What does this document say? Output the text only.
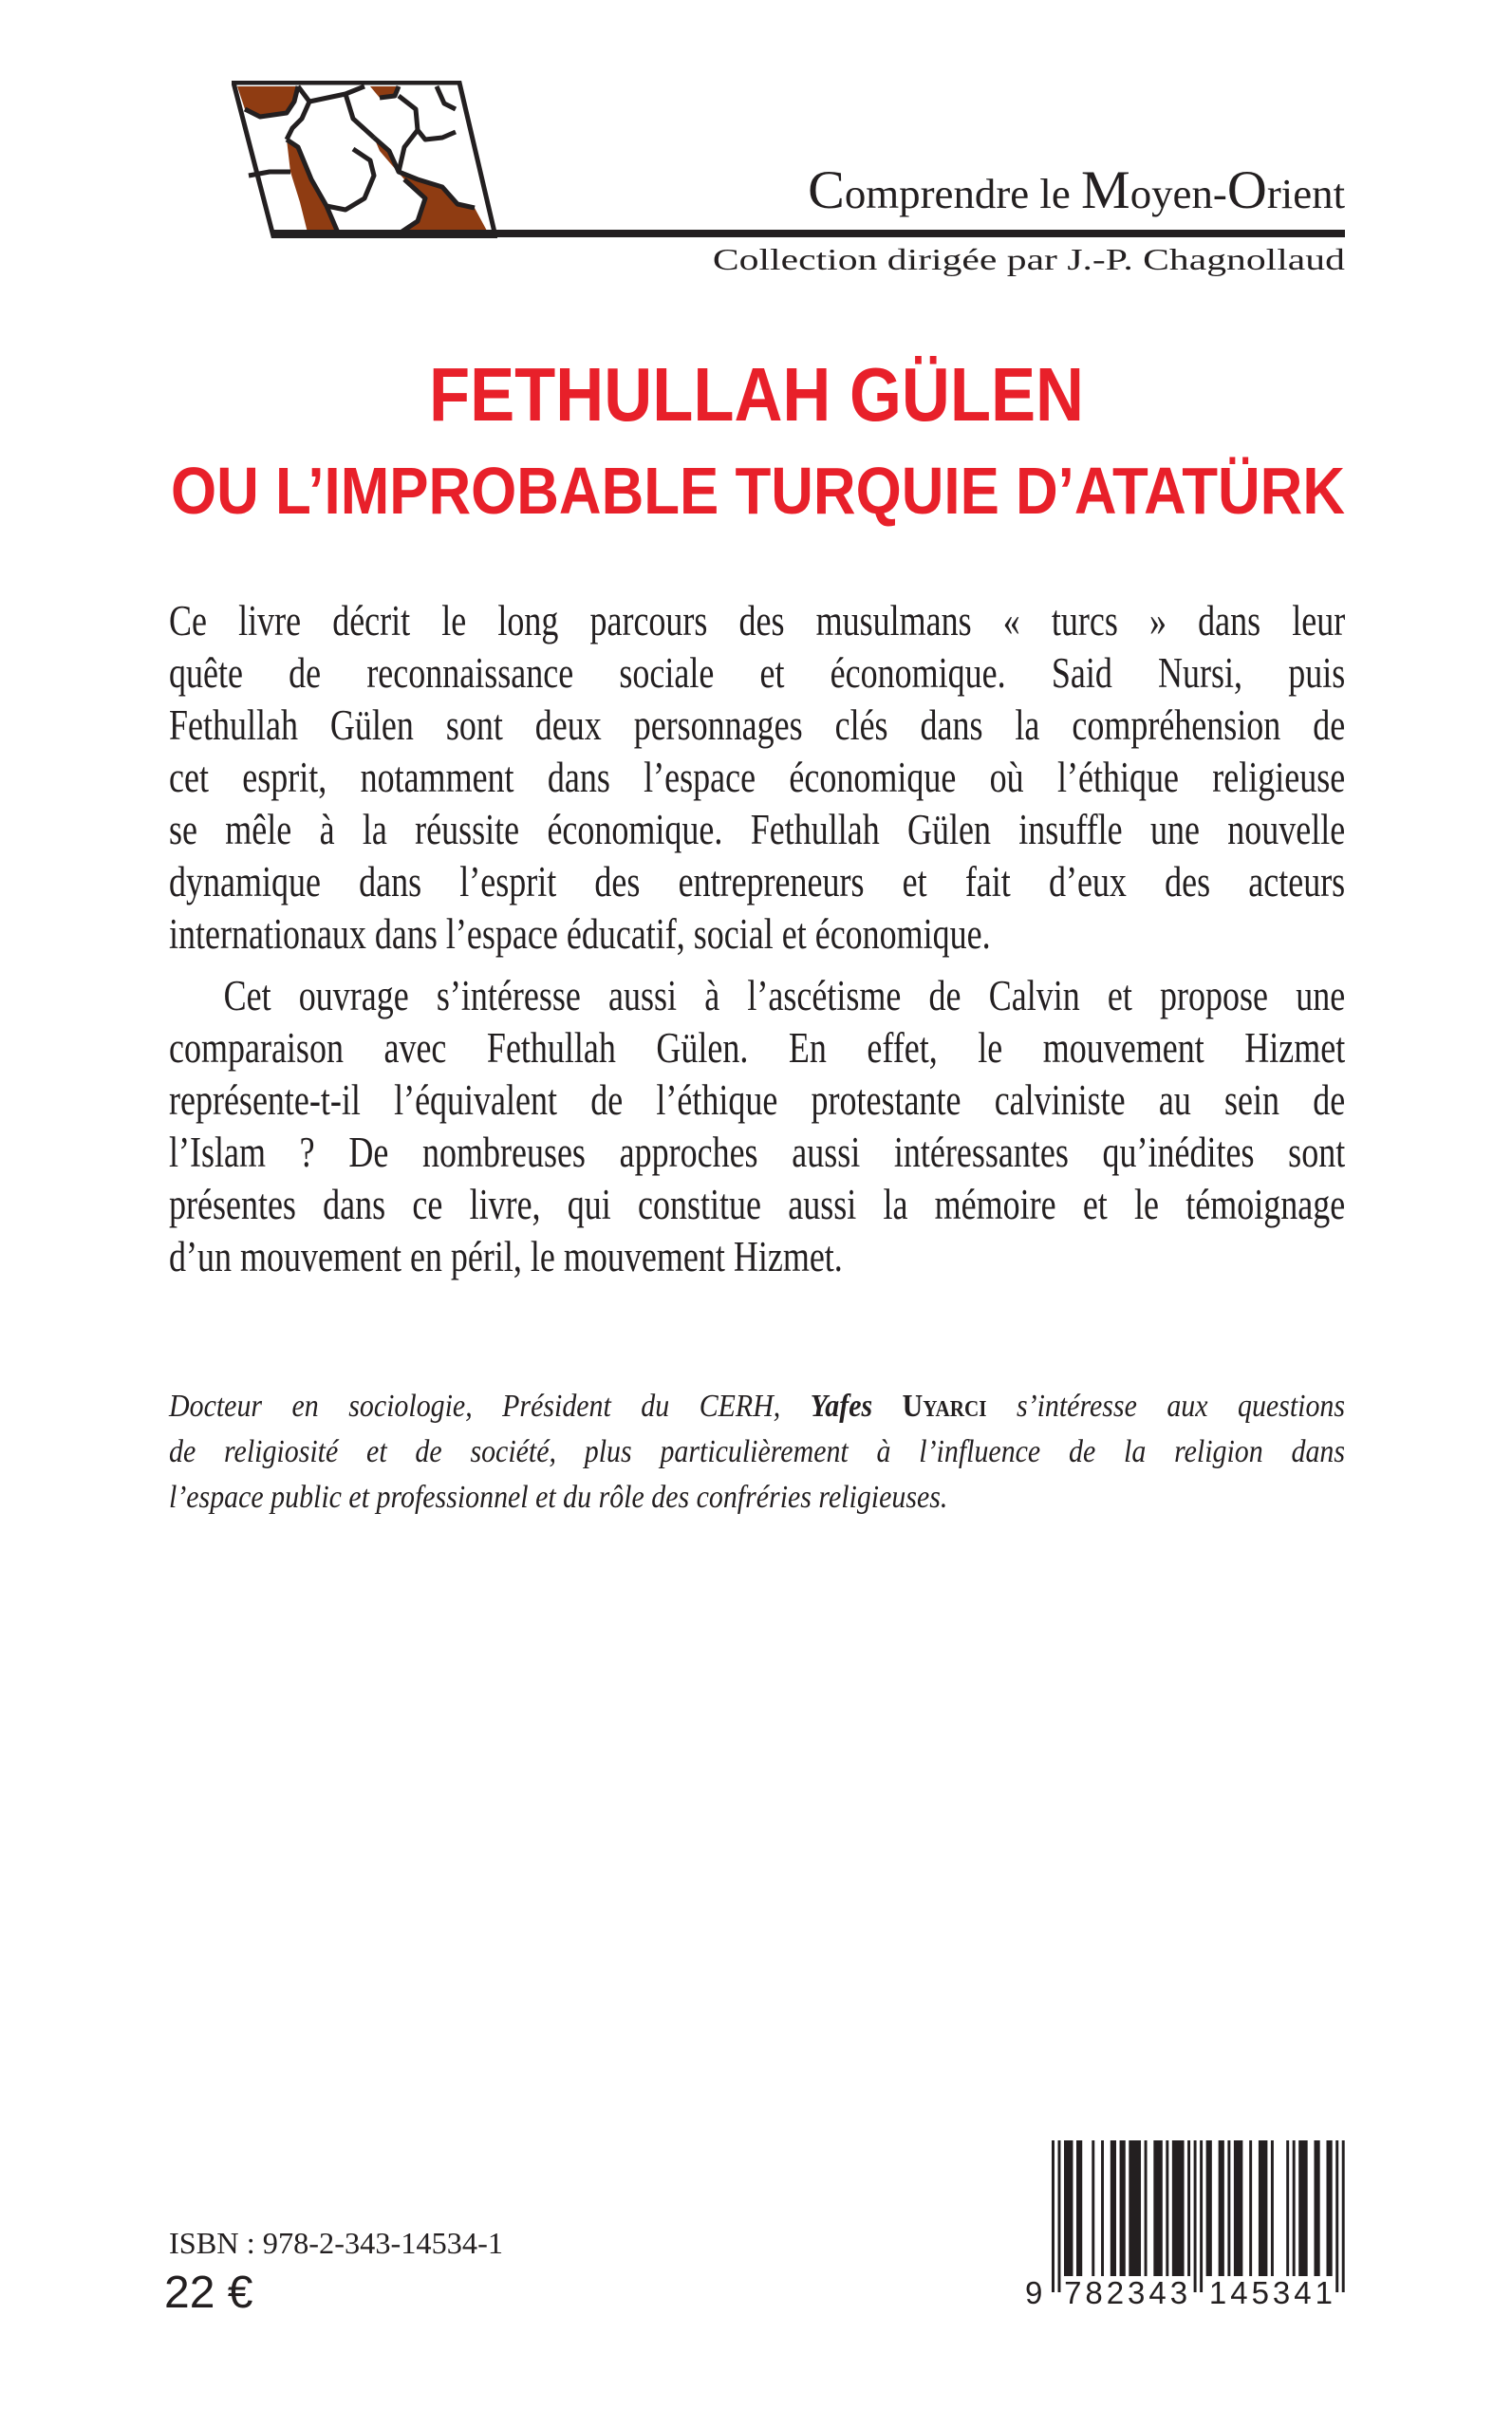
Comprendre le Moyen-Orient
Collection dirigée par J.-P. Chagnollaud
FETHULLAH GÜLEN
OU L’IMPROBABLE TURQUIE D’ATATÜRK
Ce livre décrit le long parcours des musulmans « turcs » dans leur
quête de reconnaissance sociale et économique. Said Nursi, puis
Fethullah Gülen sont deux personnages clés dans la compréhension de
cet esprit, notamment dans l’espace économique où l’éthique religieuse
se mêle à la réussite économique. Fethullah Gülen insuffle une nouvelle
dynamique dans l’esprit des entrepreneurs et fait d’eux des acteurs
internationaux dans l’espace éducatif, social et économique.
Cet ouvrage s’intéresse aussi à l’ascétisme de Calvin et propose une
comparaison avec Fethullah Gülen. En effet, le mouvement Hizmet
représente-t-il l’équivalent de l’éthique protestante calviniste au sein de
l’Islam ? De nombreuses approches aussi intéressantes qu’inédites sont
présentes dans ce livre, qui constitue aussi la mémoire et le témoignage
d’un mouvement en péril, le mouvement Hizmet.
Docteur en sociologie, Président du CERH, Yafes Uyarci s’intéresse aux questions
de religiosité et de société, plus particulièrement à l’influence de la religion dans
l’espace public et professionnel et du rôle des confréries religieuses.
ISBN : 978-2-343-14534-1
22 €	9 782343 145341
